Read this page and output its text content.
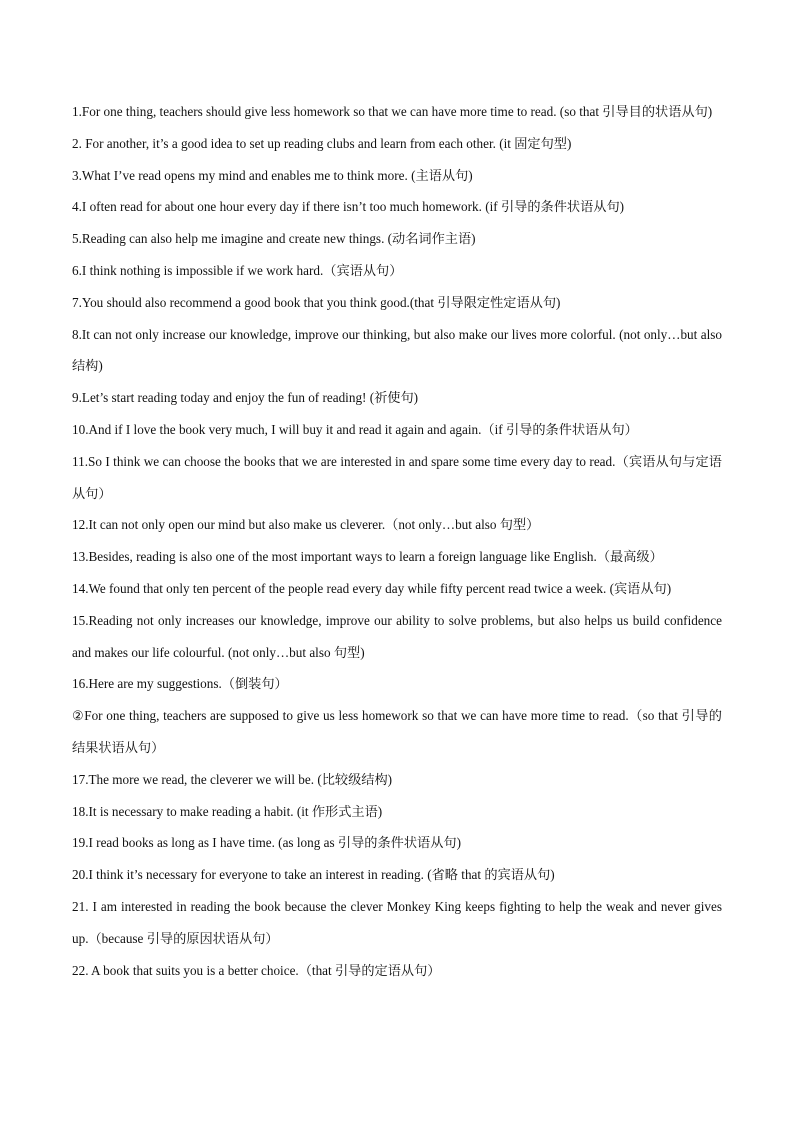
1.For one thing, teachers should give less homework so that we can have more time to read. (so that 引导目的状语从句)
2. For another, it’s a good idea to set up reading clubs and learn from each other. (it 固定句型)
3.What I’ve read opens my mind and enables me to think more. (主语从句)
4.I often read for about one hour every day if there isn’t too much homework. (if 引导的条件状语从句)
5.Reading can also help me imagine and create new things. (动名词作主语)
6.I think nothing is impossible if we work hard.（宾语从句）
7.You should also recommend a good book that you think good.(that 引导限定性定语从句)
8.It can not only increase our knowledge, improve our thinking, but also make our lives more colorful. (not only…but also 结构)
9.Let’s start reading today and enjoy the fun of reading! (祈使句)
10.And if I love the book very much, I will buy it and read it again and again.（if 引导的条件状语从句）
11.So I think we can choose the books that we are interested in and spare some time every day to read.（宾语从句与定语从句）
12.It can not only open our mind but also make us cleverer.（not only…but also 句型）
13.Besides, reading is also one of the most important ways to learn a foreign language like English.（最高级）
14.We found that only ten percent of the people read every day while fifty percent read twice a week. (宾语从句)
15.Reading not only increases our knowledge, improve our ability to solve problems, but also helps us build confidence and makes our life colourful. (not only…but also 句型)
16.Here are my suggestions.（倒装句）
②For one thing, teachers are supposed to give us less homework so that we can have more time to read.（so that 引导的结果状语从句）
17.The more we read, the cleverer we will be. (比较级结构)
18.It is necessary to make reading a habit. (it 作形式主语)
19.I read books as long as I have time. (as long as 引导的条件状语从句)
20.I think it’s necessary for everyone to take an interest in reading. (省略 that 的宾语从句)
21. I am interested in reading the book because the clever Monkey King keeps fighting to help the weak and never gives up.（because 引导的原因状语从句）
22. A book that suits you is a better choice.（that 引导的定语从句）
